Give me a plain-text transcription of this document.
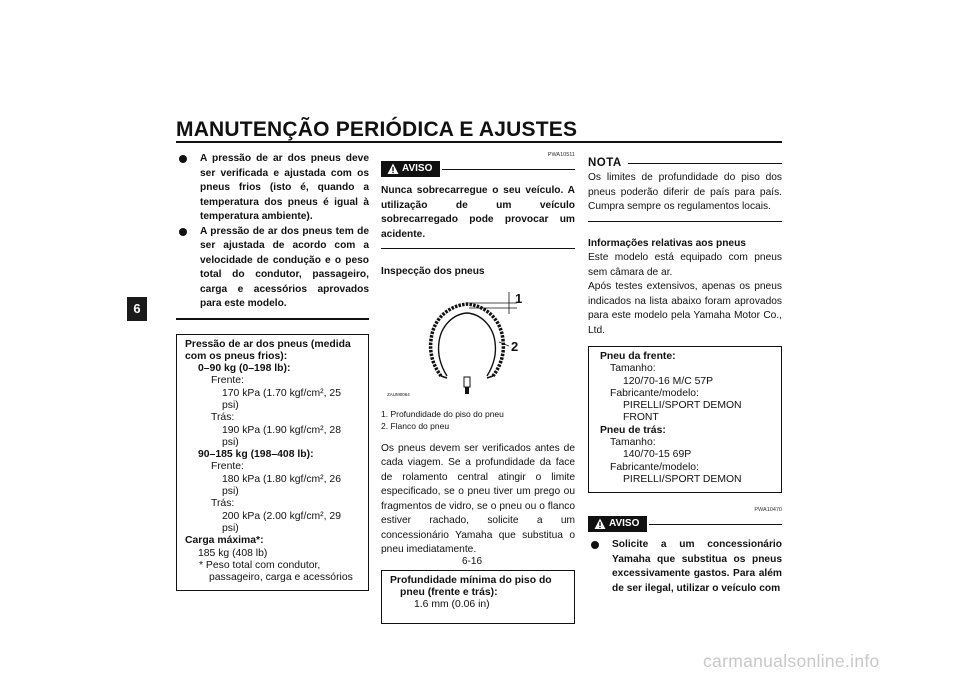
MANUTENÇÃO PERIÓDICA E AJUSTES
6
A pressão de ar dos pneus deve ser verificada e ajustada com os pneus frios (isto é, quando a temperatura dos pneus é igual à temperatura ambiente).
A pressão de ar dos pneus tem de ser ajustada de acordo com a velocidade de condução e o peso total do condutor, passageiro, carga e acessórios aprovados para este modelo.
Pressão de ar dos pneus (medida com os pneus frios):
0–90 kg (0–198 lb):
Frente:
170 kPa (1.70 kgf/cm², 25 psi)
Trás:
190 kPa (1.90 kgf/cm², 28 psi)
90–185 kg (198–408 lb):
Frente:
180 kPa (1.80 kgf/cm², 26 psi)
Trás:
200 kPa (2.00 kgf/cm², 29 psi)
Carga máxima*:
185 kg (408 lb)
* Peso total com condutor, passageiro, carga e acessórios
PWA10511
AVISO
Nunca sobrecarregue o seu veículo. A utilização de um veículo sobrecarregado pode provocar um acidente.
Inspecção dos pneus
1
2
ZAUM0064
1. Profundidade do piso do pneu
2. Flanco do pneu
Os pneus devem ser verificados antes de cada viagem. Se a profundidade da face de rolamento central atingir o limite especificado, se o pneu tiver um prego ou fragmentos de vidro, se o pneu ou o flanco estiver rachado, solicite a um concessionário Yamaha que substitua o pneu imediatamente.
Profundidade mínima do piso do pneu (frente e trás):
1.6 mm (0.06 in)
NOTA
Os limites de profundidade do piso dos pneus poderão diferir de país para país. Cumpra sempre os regulamentos locais.
Informações relativas aos pneus
Este modelo está equipado com pneus sem câmara de ar.
Após testes extensivos, apenas os pneus indicados na lista abaixo foram aprovados para este modelo pela Yamaha Motor Co., Ltd.
Pneu da frente:
Tamanho:
120/70-16 M/C 57P
Fabricante/modelo:
PIRELLI/SPORT DEMON
FRONT
Pneu de trás:
Tamanho:
140/70-15 69P
Fabricante/modelo:
PIRELLI/SPORT DEMON
PWA10470
AVISO
Solicite a um concessionário Yamaha que substitua os pneus excessivamente gastos. Para além de ser ilegal, utilizar o veículo com
6-16
carmanualsonline.info
